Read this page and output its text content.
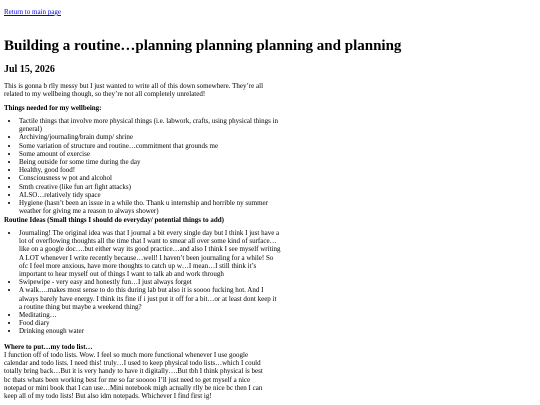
Return to main page
Building a routine…planning planning planning and planning
Jul 15, 2026

This is gonna b rlly messy but I just wanted to write all of this down somewhere. They’re all related to my wellbeing though, so they’re not all completely unrelated!

Things needed for my wellbeing:

• Tactile things that involve more physical things (i.e. labwork, crafts, using physical things in general)
• Archiving/journaling/brain dump/ shrine
• Some variation of structure and routine…commitment that grounds me
• Some amount of exercise
• Being outside for some time during the day
• Healthy, good food!
• Consciousness w pot and alcohol
• Smth creative (like fun art fight attacks)
• ALSO…relatively tidy space
• Hygiene (hasn’t been an issue in a while tho. Thank u internship and horrible ny summer weather for giving me a reason to always shower)

Routine Ideas (Small things I should do everyday/ potential things to add)

• Journaling! The original idea was that I journal a bit every single day but I think I just have a lot of overflowing thoughts all the time that I want to smear all over some kind of surface…like on a google doc….but either way its good practice…and also I think I see myself writing A LOT whenever I write recently because…well! I haven’t been journaling for a while! So ofc I feel more anxious, have more thoughts to catch up w…I mean…I still think it’s important to hear myself out of things I want to talk ab and work through
• Swipewipe - very easy and honestly fun…I just always forget
• A walk….makes most sense to do this during lab but also it is soooo fucking hot. And I always barely have energy. I think its fine if i just put it off for a bit…or at least dont keep it a routine thing but maybe a weekend thing?
• Meditating…
• Food diary
• Drinking enough water

Where to put…my todo list…

I function off of todo lists. Wow. I feel so much more functional whenever I use google calendar and todo lists. I need this! truly…I used to keep physical todo lists…which I could totally bring back…But it is very handy to have it digitally….But tbh I think physical is best bc thats whats been working best for me so far sooooo I’ll just need to get myself a nice notepad or mini book that I can use…Mini notebook migh actually rlly be nice bc then I can keep all of my todo lists! But also idm notepads. Whichever I find first ig!
